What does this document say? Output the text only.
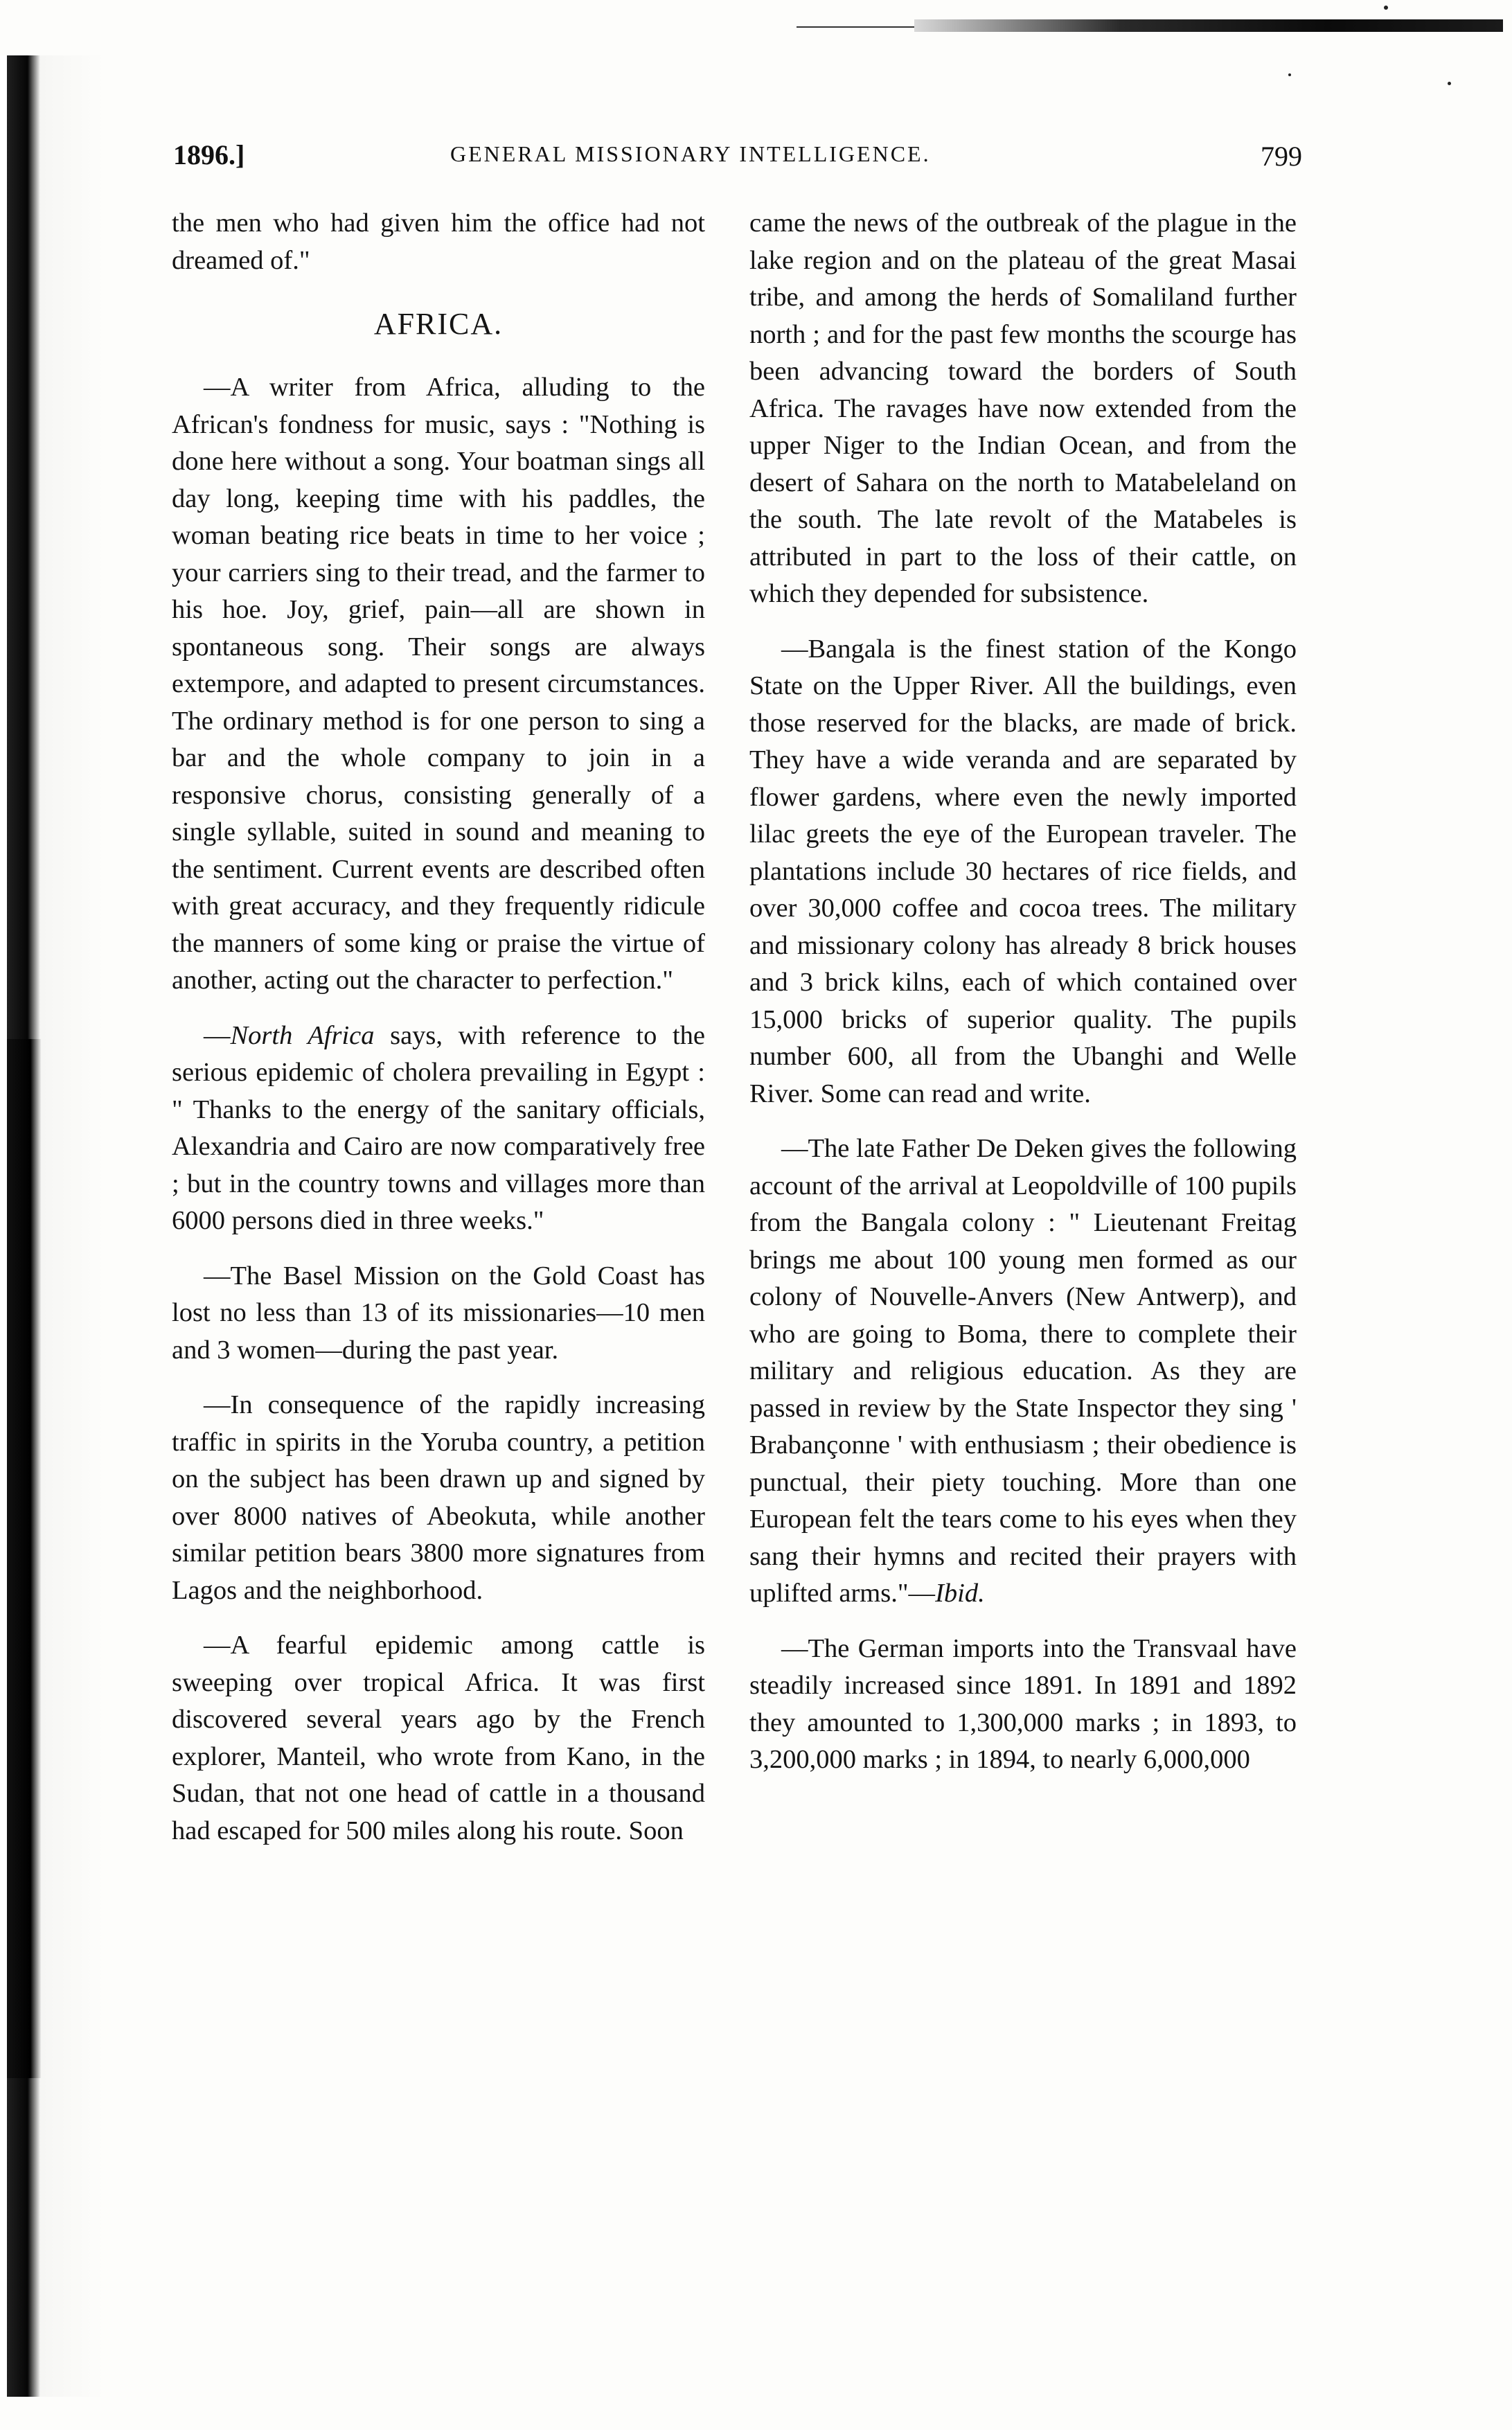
1896.]	GENERAL MISSIONARY INTELLIGENCE.	799

the men who had given him the office had not dreamed of."

AFRICA.

—A writer from Africa, alluding to the African's fondness for music, says : "Nothing is done here without a song. Your boatman sings all day long, keeping time with his paddles, the woman beating rice beats in time to her voice ; your carriers sing to their tread, and the farmer to his hoe. Joy, grief, pain—all are shown in spontaneous song. Their songs are always extempore, and adapted to present circumstances. The ordinary method is for one person to sing a bar and the whole company to join in a responsive chorus, consisting generally of a single syllable, suited in sound and meaning to the sentiment. Current events are described often with great accuracy, and they frequently ridicule the manners of some king or praise the virtue of another, acting out the character to perfection."

—North Africa says, with reference to the serious epidemic of cholera prevailing in Egypt : " Thanks to the energy of the sanitary officials, Alexandria and Cairo are now comparatively free ; but in the country towns and villages more than 6000 persons died in three weeks."

—The Basel Mission on the Gold Coast has lost no less than 13 of its missionaries—10 men and 3 women—during the past year.

—In consequence of the rapidly increasing traffic in spirits in the Yoruba country, a petition on the subject has been drawn up and signed by over 8000 natives of Abeokuta, while another similar petition bears 3800 more signatures from Lagos and the neighborhood.

—A fearful epidemic among cattle is sweeping over tropical Africa. It was first discovered several years ago by the French explorer, Manteil, who wrote from Kano, in the Sudan, that not one head of cattle in a thousand had escaped for 500 miles along his route. Soon

came the news of the outbreak of the plague in the lake region and on the plateau of the great Masai tribe, and among the herds of Somaliland further north ; and for the past few months the scourge has been advancing toward the borders of South Africa. The ravages have now extended from the upper Niger to the Indian Ocean, and from the desert of Sahara on the north to Matabeleland on the south. The late revolt of the Matabeles is attributed in part to the loss of their cattle, on which they depended for subsistence.

—Bangala is the finest station of the Kongo State on the Upper River. All the buildings, even those reserved for the blacks, are made of brick. They have a wide veranda and are separated by flower gardens, where even the newly imported lilac greets the eye of the European traveler. The plantations include 30 hectares of rice fields, and over 30,000 coffee and cocoa trees. The military and missionary colony has already 8 brick houses and 3 brick kilns, each of which contained over 15,000 bricks of superior quality. The pupils number 600, all from the Ubanghi and Welle River. Some can read and write.

—The late Father De Deken gives the following account of the arrival at Leopoldville of 100 pupils from the Bangala colony : " Lieutenant Freitag brings me about 100 young men formed as our colony of Nouvelle-Anvers (New Antwerp), and who are going to Boma, there to complete their military and religious education. As they are passed in review by the State Inspector they sing ' Brabançonne ' with enthusiasm ; their obedience is punctual, their piety touching. More than one European felt the tears come to his eyes when they sang their hymns and recited their prayers with uplifted arms."—Ibid.

—The German imports into the Transvaal have steadily increased since 1891. In 1891 and 1892 they amounted to 1,300,000 marks ; in 1893, to 3,200,000 marks ; in 1894, to nearly 6,000,000
